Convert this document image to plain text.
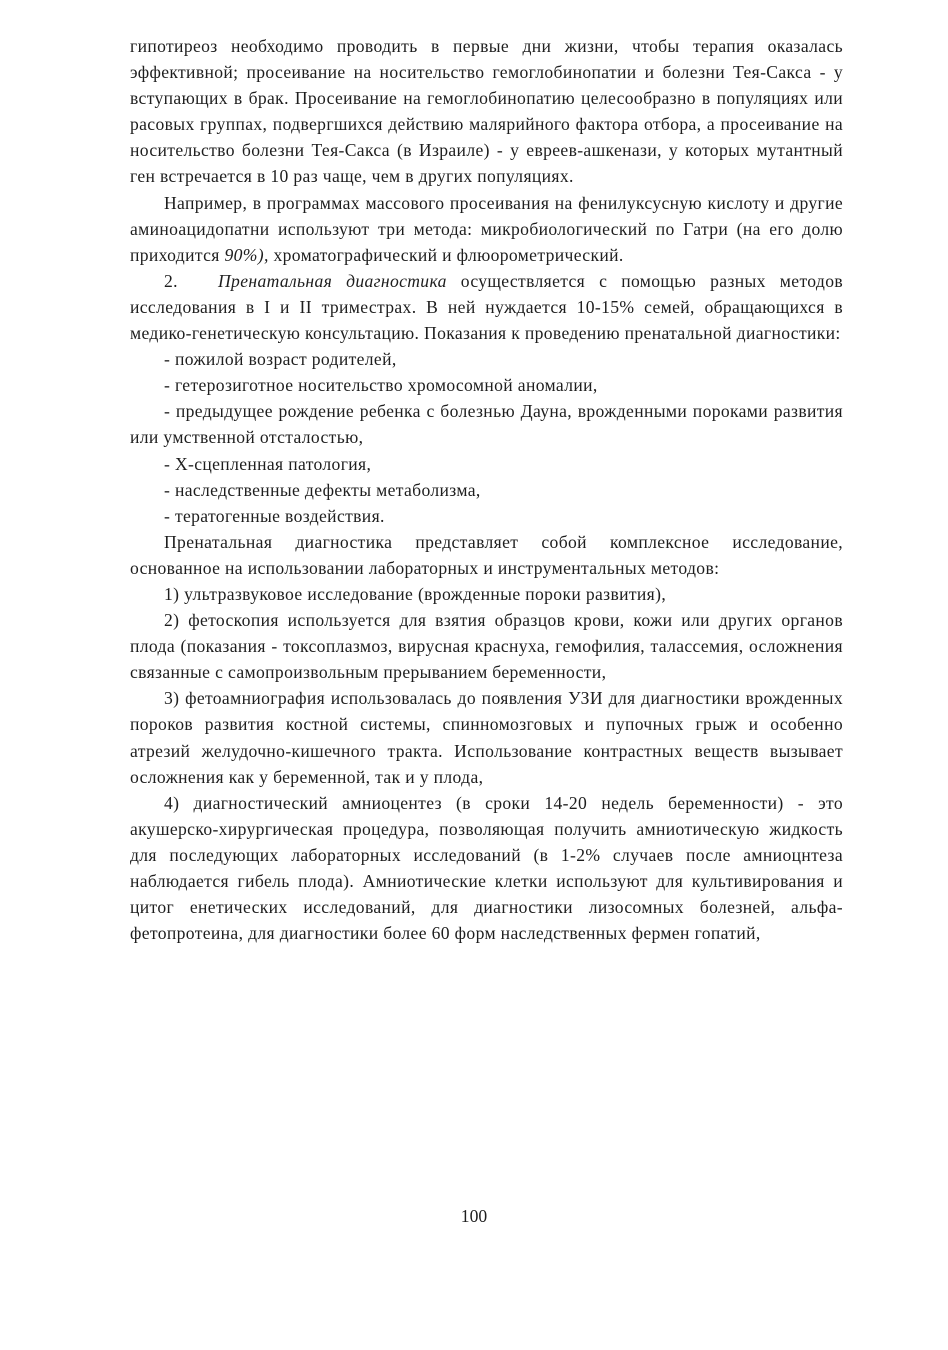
гипотиреоз необходимо проводить в первые дни жизни, чтобы терапия оказалась эффективной; просеивание на носительство гемоглобинопатии и болезни Тея-Сакса - у вступающих в брак. Просеивание на гемоглобинопатию целесообразно в популяциях или расовых группах, подвергшихся действию малярийного фактора отбора, а просеивание на носительство болезни Тея-Сакса (в Израиле) - у евреев-ашкенази, у которых мутантный ген встречается в 10 раз чаще, чем в других популяциях.

Например, в программах массового просеивания на фенилуксусную кислоту и другие аминоацидопатни используют три метода: микробиологический по Гатри (на его долю приходится 90%), хроматографический и флюорометрический.

2. Пренатальная диагностика осуществляется с помощью разных методов исследования в I и II триместрах. В ней нуждается 10-15% семей, обращающихся в медико-генетическую консультацию. Показания к проведению пренатальной диагностики:

- пожилой возраст родителей,

- гетерозиготное носительство хромосомной аномалии,

- предыдущее рождение ребенка с болезнью Дауна, врожденными пороками развития или умственной отсталостью,

- Х-сцепленная патология,

- наследственные дефекты метаболизма,

- тератогенные воздействия.

Пренатальная диагностика представляет собой комплексное исследование, основанное на использовании лабораторных и инструментальных методов:

1) ультразвуковое исследование (врожденные пороки развития),

2) фетоскопия используется для взятия образцов крови, кожи или других органов плода (показания - токсоплазмоз, вирусная краснуха, гемофилия, талассемия, осложнения связанные с самопроизвольным прерыванием беременности,

3) фетоамниография использовалась до появления УЗИ для диагностики врожденных пороков развития костной системы, спинномозговых и пупочных грыж и особенно атрезий желудочно-кишечного тракта. Использование контрастных веществ вызывает осложнения как у беременной, так и у плода,

4) диагностический амниоцентез (в сроки 14-20 недель беременности) - это акушерско-хирургическая процедура, позволяющая получить амниотическую жидкость для последующих лабораторных исследований (в 1-2% случаев после амниоцнтеза наблюдается гибель плода). Амниотические клетки используют для культивирования и цитог енетических исследований, для диагностики лизосомных болезней, альфа-фетопротеина, для диагностики более 60 форм наследственных фермен гопатий,

100
